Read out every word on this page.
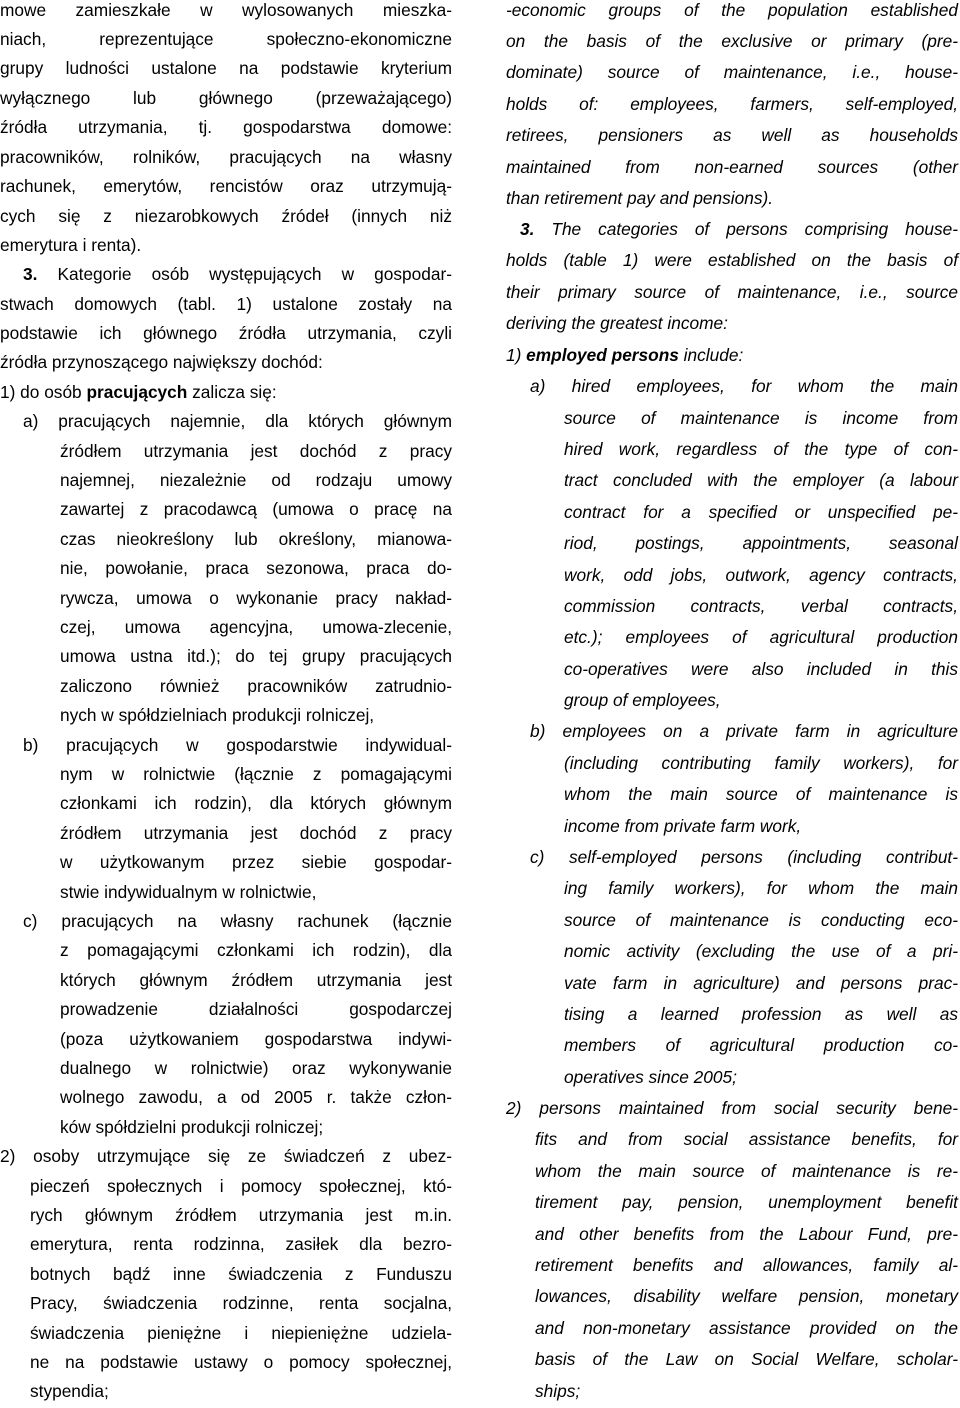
mowe zamieszkałe w wylosowanych mieszka-
niach, reprezentujące społeczno-ekonomiczne
grupy ludności ustalone na podstawie kryterium
wyłącznego lub głównego (przeważającego)
źródła utrzymania, tj. gospodarstwa domowe:
pracowników, rolników, pracujących na własny
rachunek, emerytów, rencistów oraz utrzymują-
cych się z niezarobkowych źródeł (innych niż
emerytura i renta).
3. Kategorie osób występujących w gospodar-
stwach domowych (tabl. 1) ustalone zostały na
podstawie ich głównego źródła utrzymania, czyli
źródła przynoszącego największy dochód:
1) do osób pracujących zalicza się:
a) pracujących najemnie, dla których głównym
źródłem utrzymania jest dochód z pracy
najemnej, niezależnie od rodzaju umowy
zawartej z pracodawcą (umowa o pracę na
czas nieokreślony lub określony, mianowa-
nie, powołanie, praca sezonowa, praca do-
rywcza, umowa o wykonanie pracy nakład-
czej, umowa agencyjna, umowa-zlecenie,
umowa ustna itd.); do tej grupy pracujących
zaliczono również pracowników zatrudnio-
nych w spółdzielniach produkcji rolniczej,
b) pracujących w gospodarstwie indywidual-
nym w rolnictwie (łącznie z pomagającymi
członkami ich rodzin), dla których głównym
źródłem utrzymania jest dochód z pracy
w użytkowanym przez siebie gospodar-
stwie indywidualnym w rolnictwie,
c) pracujących na własny rachunek (łącznie
z pomagającymi członkami ich rodzin), dla
których głównym źródłem utrzymania jest
prowadzenie działalności gospodarczej
(poza użytkowaniem gospodarstwa indywi-
dualnego w rolnictwie) oraz wykonywanie
wolnego zawodu, a od 2005 r. także człon-
ków spółdzielni produkcji rolniczej;
2) osoby utrzymujące się ze świadczeń z ubez-
pieczeń społecznych i pomocy społecznej, któ-
rych głównym źródłem utrzymania jest m.in.
emerytura, renta rodzinna, zasiłek dla bezro-
botnych bądź inne świadczenia z Funduszu
Pracy, świadczenia rodzinne, renta socjalna,
świadczenia pieniężne i niepieniężne udziela-
ne na podstawie ustawy o pomocy społecznej,
stypendia;
-economic groups of the population established
on the basis of the exclusive or primary (pre-
dominate) source of maintenance, i.e., house-
holds of: employees, farmers, self-employed,
retirees, pensioners as well as households
maintained from non-earned sources (other
than retirement pay and pensions).
3. The categories of persons comprising house-
holds (table 1) were established on the basis of
their primary source of maintenance, i.e., source
deriving the greatest income:
1) employed persons include:
a) hired employees, for whom the main
source of maintenance is income from
hired work, regardless of the type of con-
tract concluded with the employer (a labour
contract for a specified or unspecified pe-
riod, postings, appointments, seasonal
work, odd jobs, outwork, agency contracts,
commission contracts, verbal contracts,
etc.); employees of agricultural production
co-operatives were also included in this
group of employees,
b) employees on a private farm in agriculture
(including contributing family workers), for
whom the main source of maintenance is
income from private farm work,
c) self-employed persons (including contribut-
ing family workers), for whom the main
source of maintenance is conducting eco-
nomic activity (excluding the use of a pri-
vate farm in agriculture) and persons prac-
tising a learned profession as well as
members of agricultural production co-
operatives since 2005;
2) persons maintained from social security bene-
fits and from social assistance benefits, for
whom the main source of maintenance is re-
tirement pay, pension, unemployment benefit
and other benefits from the Labour Fund, pre-
retirement benefits and allowances, family al-
lowances, disability welfare pension, monetary
and non-monetary assistance provided on the
basis of the Law on Social Welfare, scholar-
ships;
